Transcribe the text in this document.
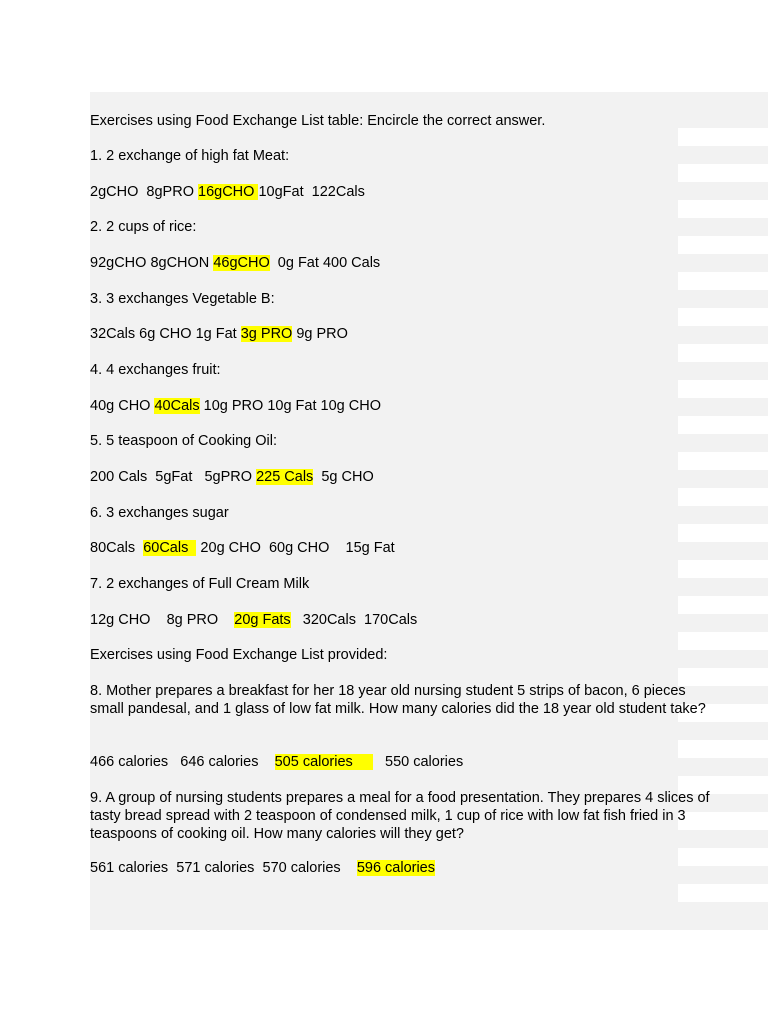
Exercises using Food Exchange List table: Encircle the correct answer.
1. 2 exchange of high fat Meat:
2gCHO  8gPRO 16gCHO 10gFat  122Cals
2. 2 cups of rice:
92gCHO 8gCHON 46gCHO  0g Fat 400 Cals
3. 3 exchanges Vegetable B:
32Cals 6g CHO 1g Fat 3g PRO 9g PRO
4. 4 exchanges fruit:
40g CHO 40Cals 10g PRO 10g Fat 10g CHO
5. 5 teaspoon of Cooking Oil:
200 Cals  5gFat   5gPRO 225 Cals  5g CHO
6. 3 exchanges sugar
80Cals  60Cals   20g CHO  60g CHO    15g Fat
7. 2 exchanges of Full Cream Milk
12g CHO    8g PRO    20g Fats   320Cals  170Cals
Exercises using Food Exchange List provided:
8. Mother prepares a breakfast for her 18 year old nursing student 5 strips of bacon, 6 pieces small pandesal, and 1 glass of low fat milk. How many calories did the 18 year old student take?
466 calories   646 calories    505 calories        550 calories
9. A group of nursing students prepares a meal for a food presentation. They prepares 4 slices of tasty bread spread with 2 teaspoon of condensed milk, 1 cup of rice with low fat fish fried in 3 teaspoons of cooking oil. How many calories will they get?
561 calories  571 calories  570 calories    596 calories
